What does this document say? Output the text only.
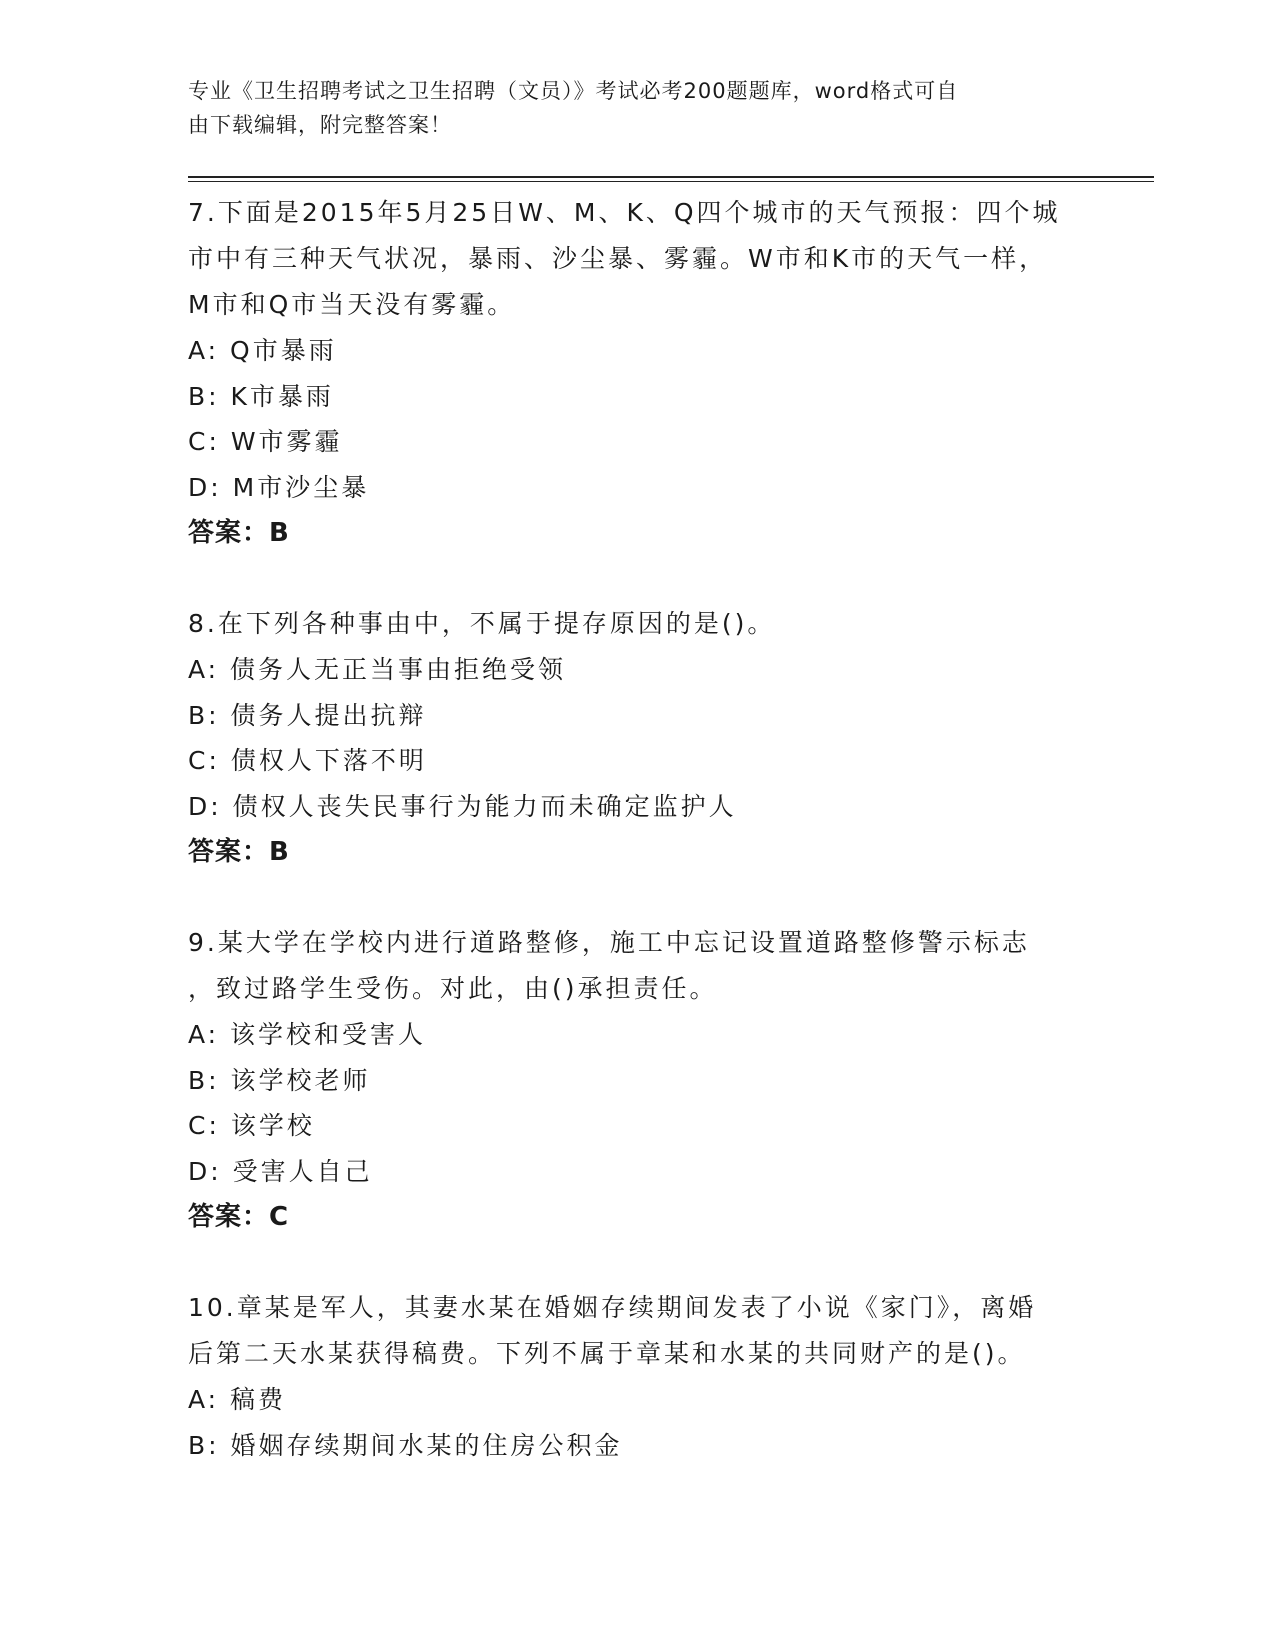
专业《卫生招聘考试之卫生招聘（文员）》考试必考200题题库，word格式可自
由下载编辑，附完整答案！
7.下面是2015年5月25日W、M、K、Q四个城市的天气预报：四个城
市中有三种天气状况，暴雨、沙尘暴、雾霾。W市和K市的天气一样，
M市和Q市当天没有雾霾。
A: Q市暴雨
B: K市暴雨
C: W市雾霾
D: M市沙尘暴
答案：B
8.在下列各种事由中，不属于提存原因的是()。
A: 债务人无正当事由拒绝受领
B: 债务人提出抗辩
C: 债权人下落不明
D: 债权人丧失民事行为能力而未确定监护人
答案：B
9.某大学在学校内进行道路整修，施工中忘记设置道路整修警示标志
，致过路学生受伤。对此，由()承担责任。
A: 该学校和受害人
B: 该学校老师
C: 该学校
D: 受害人自己
答案：C
10.章某是军人，其妻水某在婚姻存续期间发表了小说《家门》，离婚
后第二天水某获得稿费。下列不属于章某和水某的共同财产的是()。
A: 稿费
B: 婚姻存续期间水某的住房公积金
